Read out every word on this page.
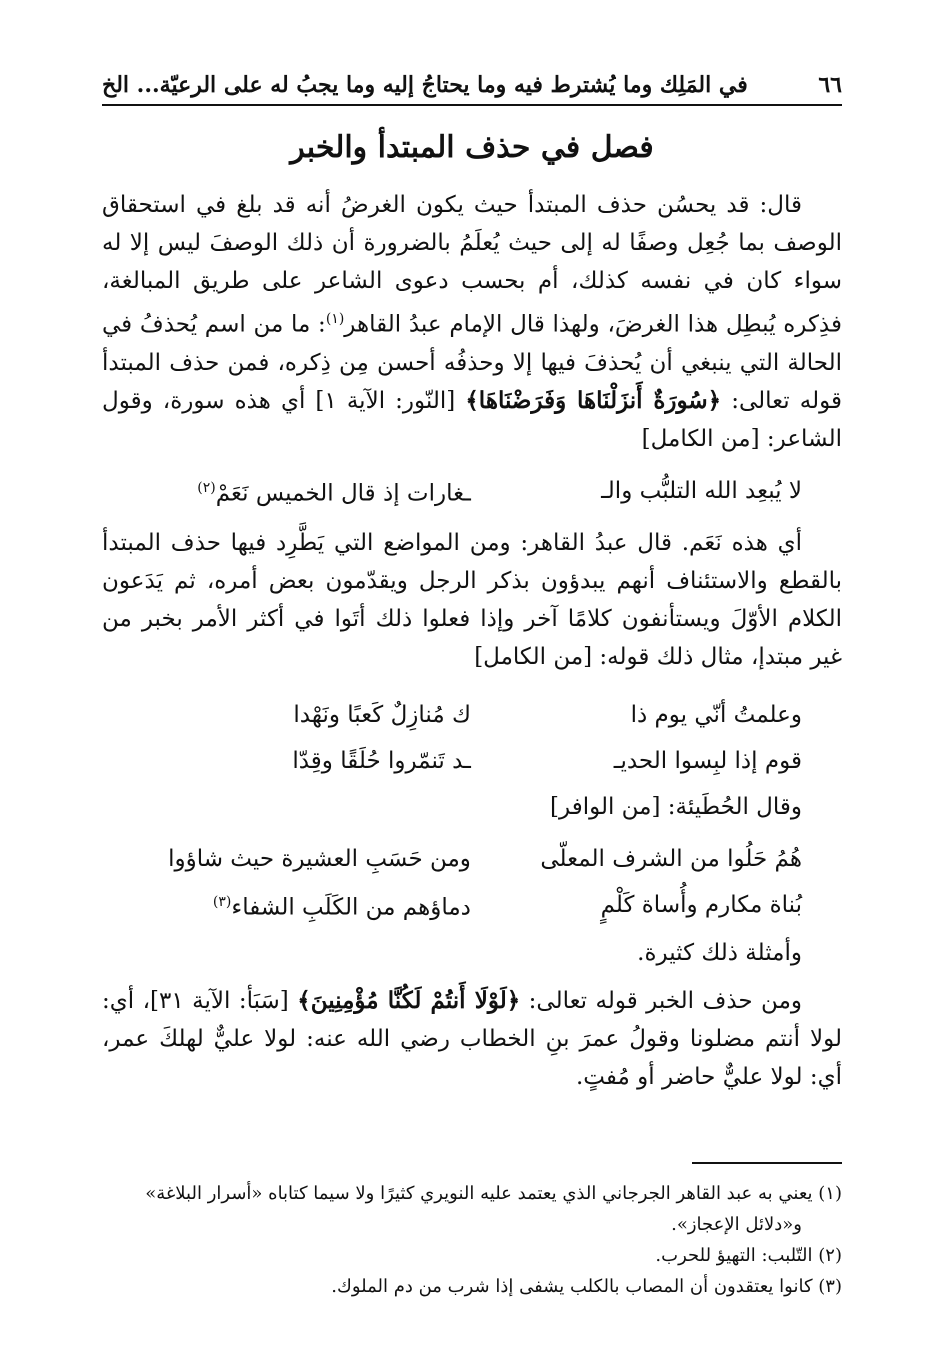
٦٦
في المَلِك وما يُشترط فيه وما يحتاجُ إليه وما يجبُ له على الرعيّة... الخ
فصل في حذف المبتدأ والخبر
قال: قد يحسُن حذف المبتدأ حيث يكون الغرضُ أنه قد بلغ في استحقاق الوصف بما جُعِل وصفًا له إلى حيث يُعلَمُ بالضرورة أن ذلك الوصفَ ليس إلا له سواء كان في نفسه كذلك، أم بحسب دعوى الشاعر على طريق المبالغة، فذِكره يُبطِل هذا الغرضَ، ولهذا قال الإمام عبدُ القاهر$^{(١)}$: ما من اسم يُحذفُ في الحالة التي ينبغي أن يُحذفَ فيها إلا وحذفُه أحسن مِن ذِكره، فمن حذف المبتدأ قوله تعالى: ﴿سُورَةٌ أَنزَلْنَاهَا وَفَرَضْنَاهَا﴾ [النّور: الآية ١] أي هذه سورة، وقول الشاعر: [من الكامل]
لا يُبعِد الله التلبُّب والـ
ـغارات إذ قال الخميس نَعَمْ$^{(٢)}$
أي هذه نَعَم. قال عبدُ القاهر: ومن المواضع التي يَطَّرِد فيها حذف المبتدأ بالقطع والاستئناف أنهم يبدؤون بذكر الرجل ويقدّمون بعض أمره، ثم يَدَعون الكلام الأوّلَ ويستأنفون كلامًا آخر وإذا فعلوا ذلك أتَوا في أكثر الأمر بخبر من غير مبتدإ، مثال ذلك قوله: [من الكامل]
وعلمتُ أنّي يوم ذا
ك مُنازِلٌ كَعبًا ونَهْدا
قوم إذا لبِسوا الحديـ
ـد تَنمّروا حُلَقًا وقِدّا
وقال الحُطَيئة: [من الوافر]
هُمُ حَلُوا من الشرف المعلّى
ومن حَسَبِ العشيرة حيث شاؤوا
بُناة مكارم وأُساة كَلْمٍ
دماؤهم من الكَلَبِ الشفاء$^{(٣)}$
وأمثلة ذلك كثيرة.
ومن حذف الخبر قوله تعالى: ﴿لَوْلَا أَنتُمْ لَكُنَّا مُؤْمِنِينَ﴾ [سَبَأ: الآية ٣١]، أي: لولا أنتم مضلونا وقولُ عمرَ بنِ الخطاب رضي الله عنه: لولا عليٌّ لهلكَ عمر، أي: لولا عليٌّ حاضر أو مُفتٍ.

(١) يعني به عبد القاهر الجرجاني الذي يعتمد عليه النويري كثيرًا ولا سيما كتاباه «أسرار البلاغة»

و«دلائل الإعجاز».

(٢) التّلبب: التهيؤ للحرب.

(٣) كانوا يعتقدون أن المصاب بالكلب يشفى إذا شرب من دم الملوك.
